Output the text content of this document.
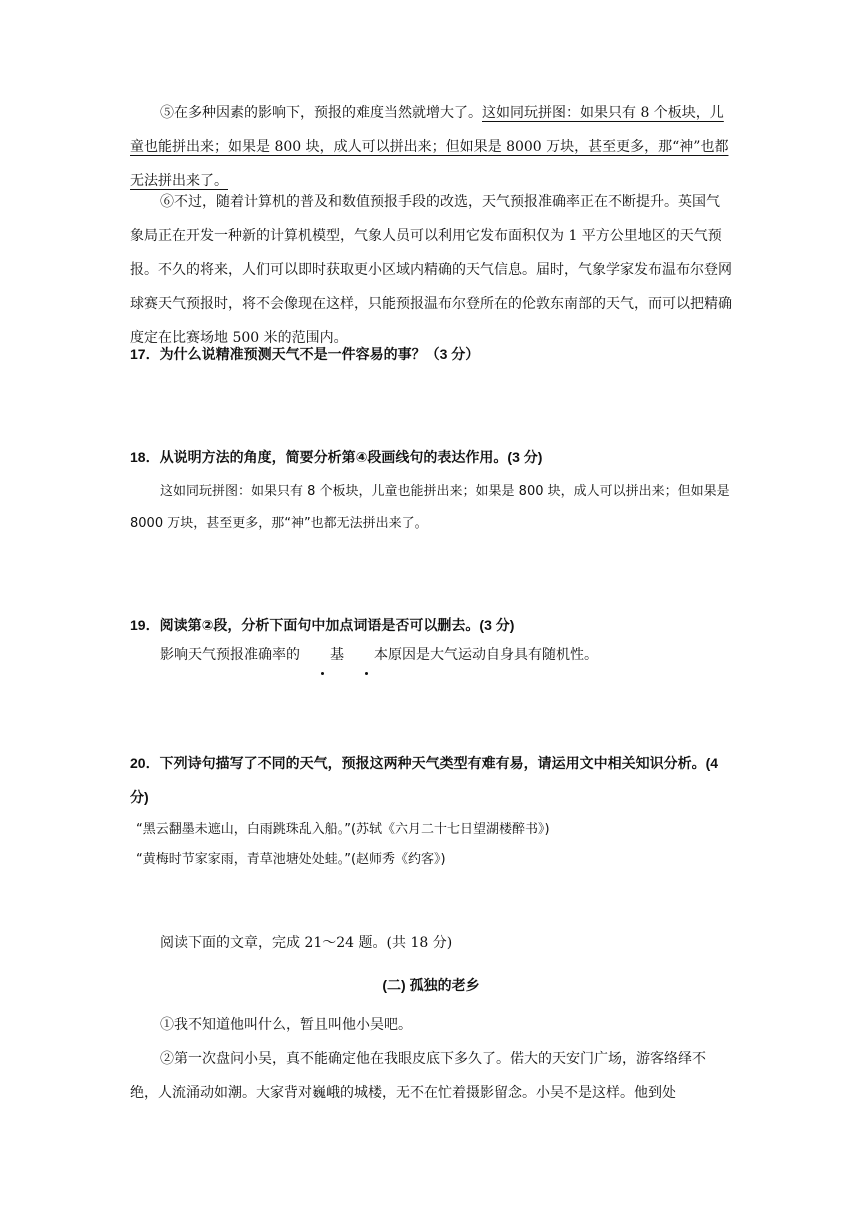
⑤在多种因素的影响下，预报的难度当然就增大了。这如同玩拼图：如果只有 8 个板块，儿童也能拼出来；如果是 800 块，成人可以拼出来；但如果是 8000 万块，甚至更多，那“神”也都无法拼出来了。

⑥不过，随着计算机的普及和数值预报手段的改选，天气预报准确率正在不断提升。英国气象局正在开发一种新的计算机模型，气象人员可以利用它发布面积仅为 1 平方公里地区的天气预报。不久的将来，人们可以即时获取更小区域内精确的天气信息。届时，气象学家发布温布尔登网球赛天气预报时，将不会像现在这样，只能预报温布尔登所在的伦敦东南部的天气，而可以把精确度定在比赛场地 500 米的范围内。

17．为什么说精准预测天气不是一件容易的事？（3 分）

18．从说明方法的角度，简要分析第④段画线句的表达作用。(3 分)

这如同玩拼图：如果只有 8 个板块，儿童也能拼出来；如果是 800 块，成人可以拼出来；但如果是 8000 万块，甚至更多，那“神”也都无法拼出来了。

19．阅读第②段，分析下面句中加点词语是否可以删去。(3 分)

影响天气预报准确率的 基 本原因是大气运动自身具有随机性。

20．下列诗句描写了不同的天气，预报这两种天气类型有难有易，请运用文中相关知识分析。(4 分)

“黑云翻墨未遮山，白雨跳珠乱入船。”(苏轼《六月二十七日望湖楼醉书》)

“黄梅时节家家雨，青草池塘处处蛙。”(赵师秀《约客》)

阅读下面的文章，完成 21～24 题。(共 18 分)

(二) 孤独的老乡

①我不知道他叫什么，暂且叫他小吴吧。

②第一次盘问小吴，真不能确定他在我眼皮底下多久了。偌大的天安门广场，游客络绎不绝，人流涌动如潮。大家背对巍峨的城楼，无不在忙着摄影留念。小吴不是这样。他到处
